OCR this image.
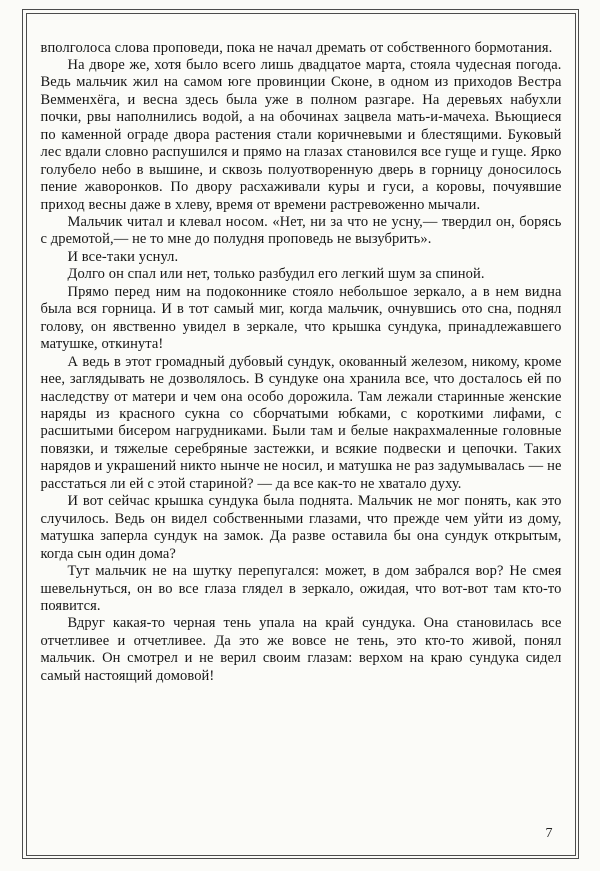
вполголоса слова проповеди, пока не начал дремать от собственного бормотания.

На дворе же, хотя было всего лишь двадцатое марта, стояла чудесная погода. Ведь мальчик жил на самом юге провинции Сконе, в одном из приходов Вестра Вемменхёга, и весна здесь была уже в полном разгаре. На деревьях набухли почки, рвы наполнились водой, а на обочинах зацвела мать-и-мачеха. Вьющиеся по каменной ограде двора растения стали коричневыми и блестящими. Буковый лес вдали словно распушился и прямо на глазах становился все гуще и гуще. Ярко голубело небо в вышине, и сквозь полуотворенную дверь в горницу доносилось пение жаворонков. По двору расхаживали куры и гуси, а коровы, почуявшие приход весны даже в хлеву, время от времени растревоженно мычали.

Мальчик читал и клевал носом. «Нет, ни за что не усну,— твердил он, борясь с дремотой,— не то мне до полудня проповедь не вызубрить».

И все-таки уснул.

Долго он спал или нет, только разбудил его легкий шум за спиной.

Прямо перед ним на подоконнике стояло небольшое зеркало, а в нем видна была вся горница. И в тот самый миг, когда мальчик, очнувшись ото сна, поднял голову, он явственно увидел в зеркале, что крышка сундука, принадлежавшего матушке, откинута!

А ведь в этот громадный дубовый сундук, окованный железом, никому, кроме нее, заглядывать не дозволялось. В сундуке она хранила все, что досталось ей по наследству от матери и чем она особо дорожила. Там лежали старинные женские наряды из красного сукна со сборчатыми юбками, с короткими лифами, с расшитыми бисером нагрудниками. Были там и белые накрахмаленные головные повязки, и тяжелые серебряные застежки, и всякие подвески и цепочки. Таких нарядов и украшений никто нынче не носил, и матушка не раз задумывалась — не расстаться ли ей с этой стариной? — да все как-то не хватало духу.

И вот сейчас крышка сундука была поднята. Мальчик не мог понять, как это случилось. Ведь он видел собственными глазами, что прежде чем уйти из дому, матушка заперла сундук на замок. Да разве оставила бы она сундук открытым, когда сын один дома?

Тут мальчик не на шутку перепугался: может, в дом забрался вор? Не смея шевельнуться, он во все глаза глядел в зеркало, ожидая, что вот-вот там кто-то появится.

Вдруг какая-то черная тень упала на край сундука. Она становилась все отчетливее и отчетливее. Да это же вовсе не тень, это кто-то живой, понял мальчик. Он смотрел и не верил своим глазам: верхом на краю сундука сидел самый настоящий домовой!

7
